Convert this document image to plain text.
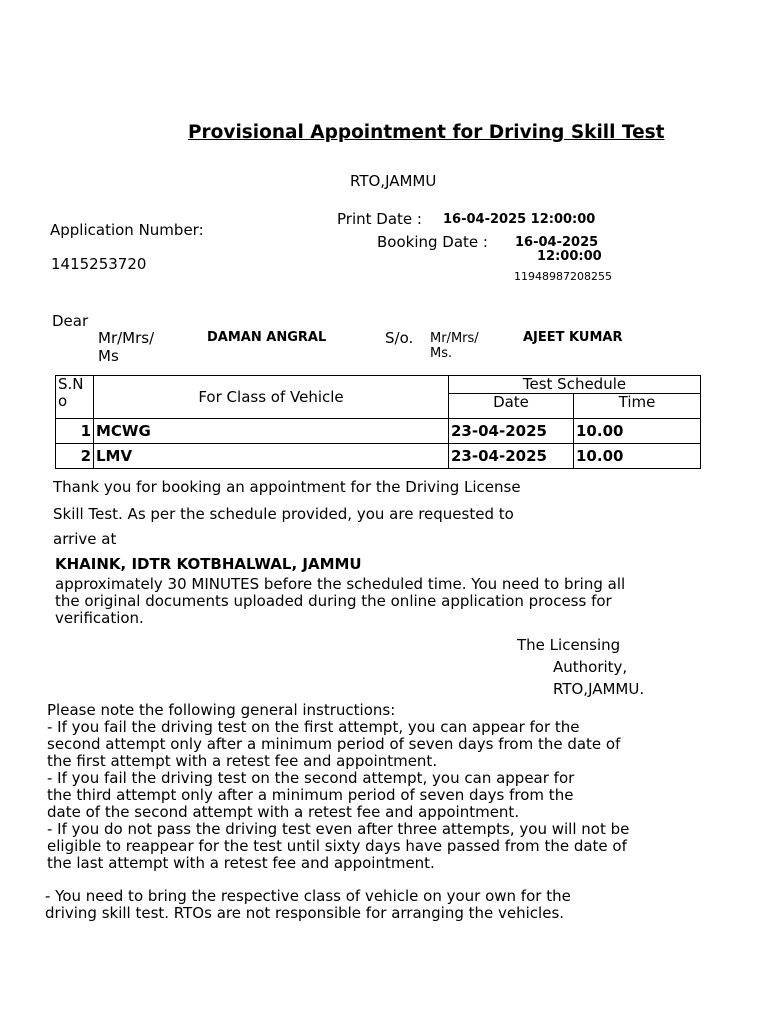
Provisional Appointment for Driving Skill Test
RTO,JAMMU
Print Date : 16-04-2025 12:00:00
Application Number:
Booking Date : 16-04-2025
12:00:00
1415253720
11948987208255
Dear
Mr/Mrs/
Ms
DAMAN ANGRAL	S/o. Mr/Mrs/
Ms.
AJEET KUMAR
S.N
o	For Class of Vehicle	Test Schedule	
		Date	Time
1	MCWG	23-04-2025	10.00
2	LMV	23-04-2025	10.00
Thank you for booking an appointment for the Driving License
Skill Test. As per the schedule provided, you are requested to
arrive at
KHAINK, IDTR KOTBHALWAL, JAMMU
approximately 30 MINUTES before the scheduled time. You need to bring all
the original documents uploaded during the online application process for
verification.
The Licensing
Authority,
RTO,JAMMU.
Please note the following general instructions:
- If you fail the driving test on the first attempt, you can appear for the
second attempt only after a minimum period of seven days from the date of
the first attempt with a retest fee and appointment.
- If you fail the driving test on the second attempt, you can appear for
the third attempt only after a minimum period of seven days from the
date of the second attempt with a retest fee and appointment.
- If you do not pass the driving test even after three attempts, you will not be
eligible to reappear for the test until sixty days have passed from the date of
the last attempt with a retest fee and appointment.
- You need to bring the respective class of vehicle on your own for the
driving skill test. RTOs are not responsible for arranging the vehicles.
